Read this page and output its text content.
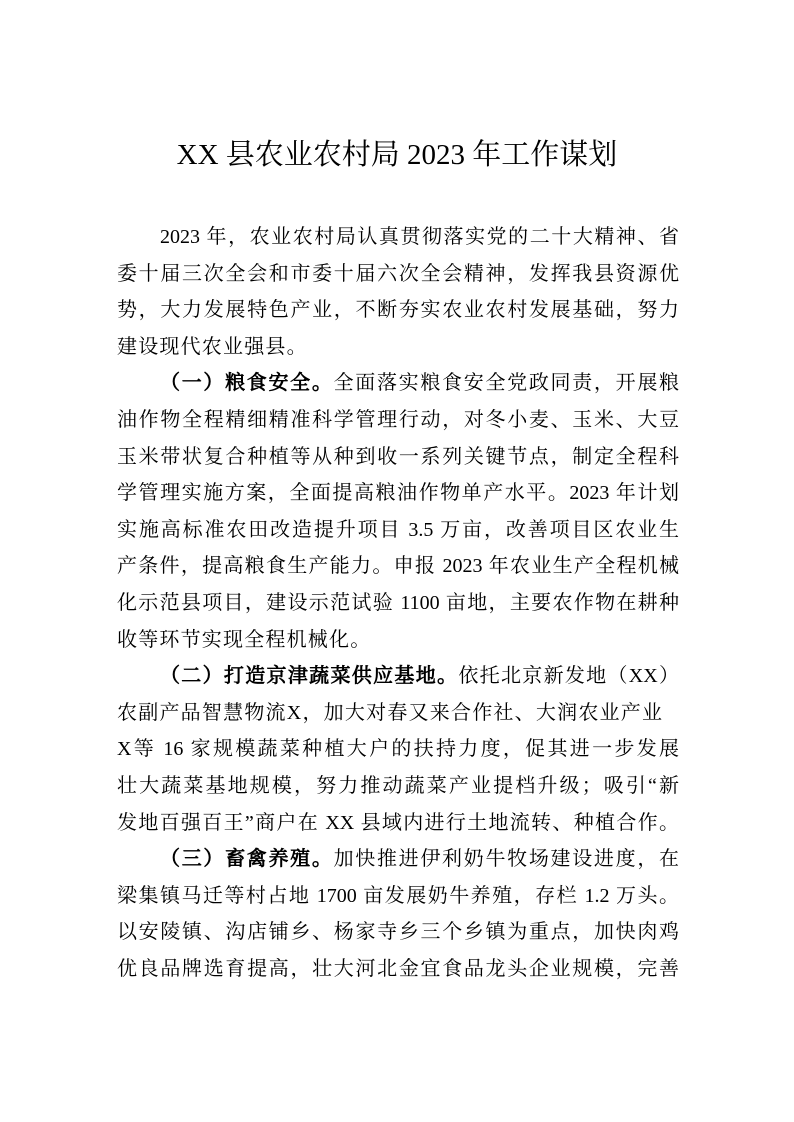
XX 县农业农村局 2023 年工作谋划
2023 年，农业农村局认真贯彻落实党的二十大精神、省
委十届三次全会和市委十届六次全会精神，发挥我县资源优
势，大力发展特色产业，不断夯实农业农村发展基础，努力
建设现代农业强县。
（一）粮食安全。全面落实粮食安全党政同责，开展粮
油作物全程精细精准科学管理行动，对冬小麦、玉米、大豆
玉米带状复合种植等从种到收一系列关键节点，制定全程科
学管理实施方案，全面提高粮油作物单产水平。2023 年计划
实施高标准农田改造提升项目 3.5 万亩，改善项目区农业生
产条件，提高粮食生产能力。申报 2023 年农业生产全程机械
化示范县项目，建设示范试验 1100 亩地，主要农作物在耕种
收等环节实现全程机械化。
（二）打造京津蔬菜供应基地。依托北京新发地（XX）
农副产品智慧物流X，加大对春又来合作社、大润农业产业
X等 16 家规模蔬菜种植大户的扶持力度，促其进一步发展
壮大蔬菜基地规模，努力推动蔬菜产业提档升级；吸引“新
发地百强百王”商户在 XX 县域内进行土地流转、种植合作。
（三）畜禽养殖。加快推进伊利奶牛牧场建设进度，在
梁集镇马迁等村占地 1700 亩发展奶牛养殖，存栏 1.2 万头。
以安陵镇、沟店铺乡、杨家寺乡三个乡镇为重点，加快肉鸡
优良品牌选育提高，壮大河北金宜食品龙头企业规模，完善
